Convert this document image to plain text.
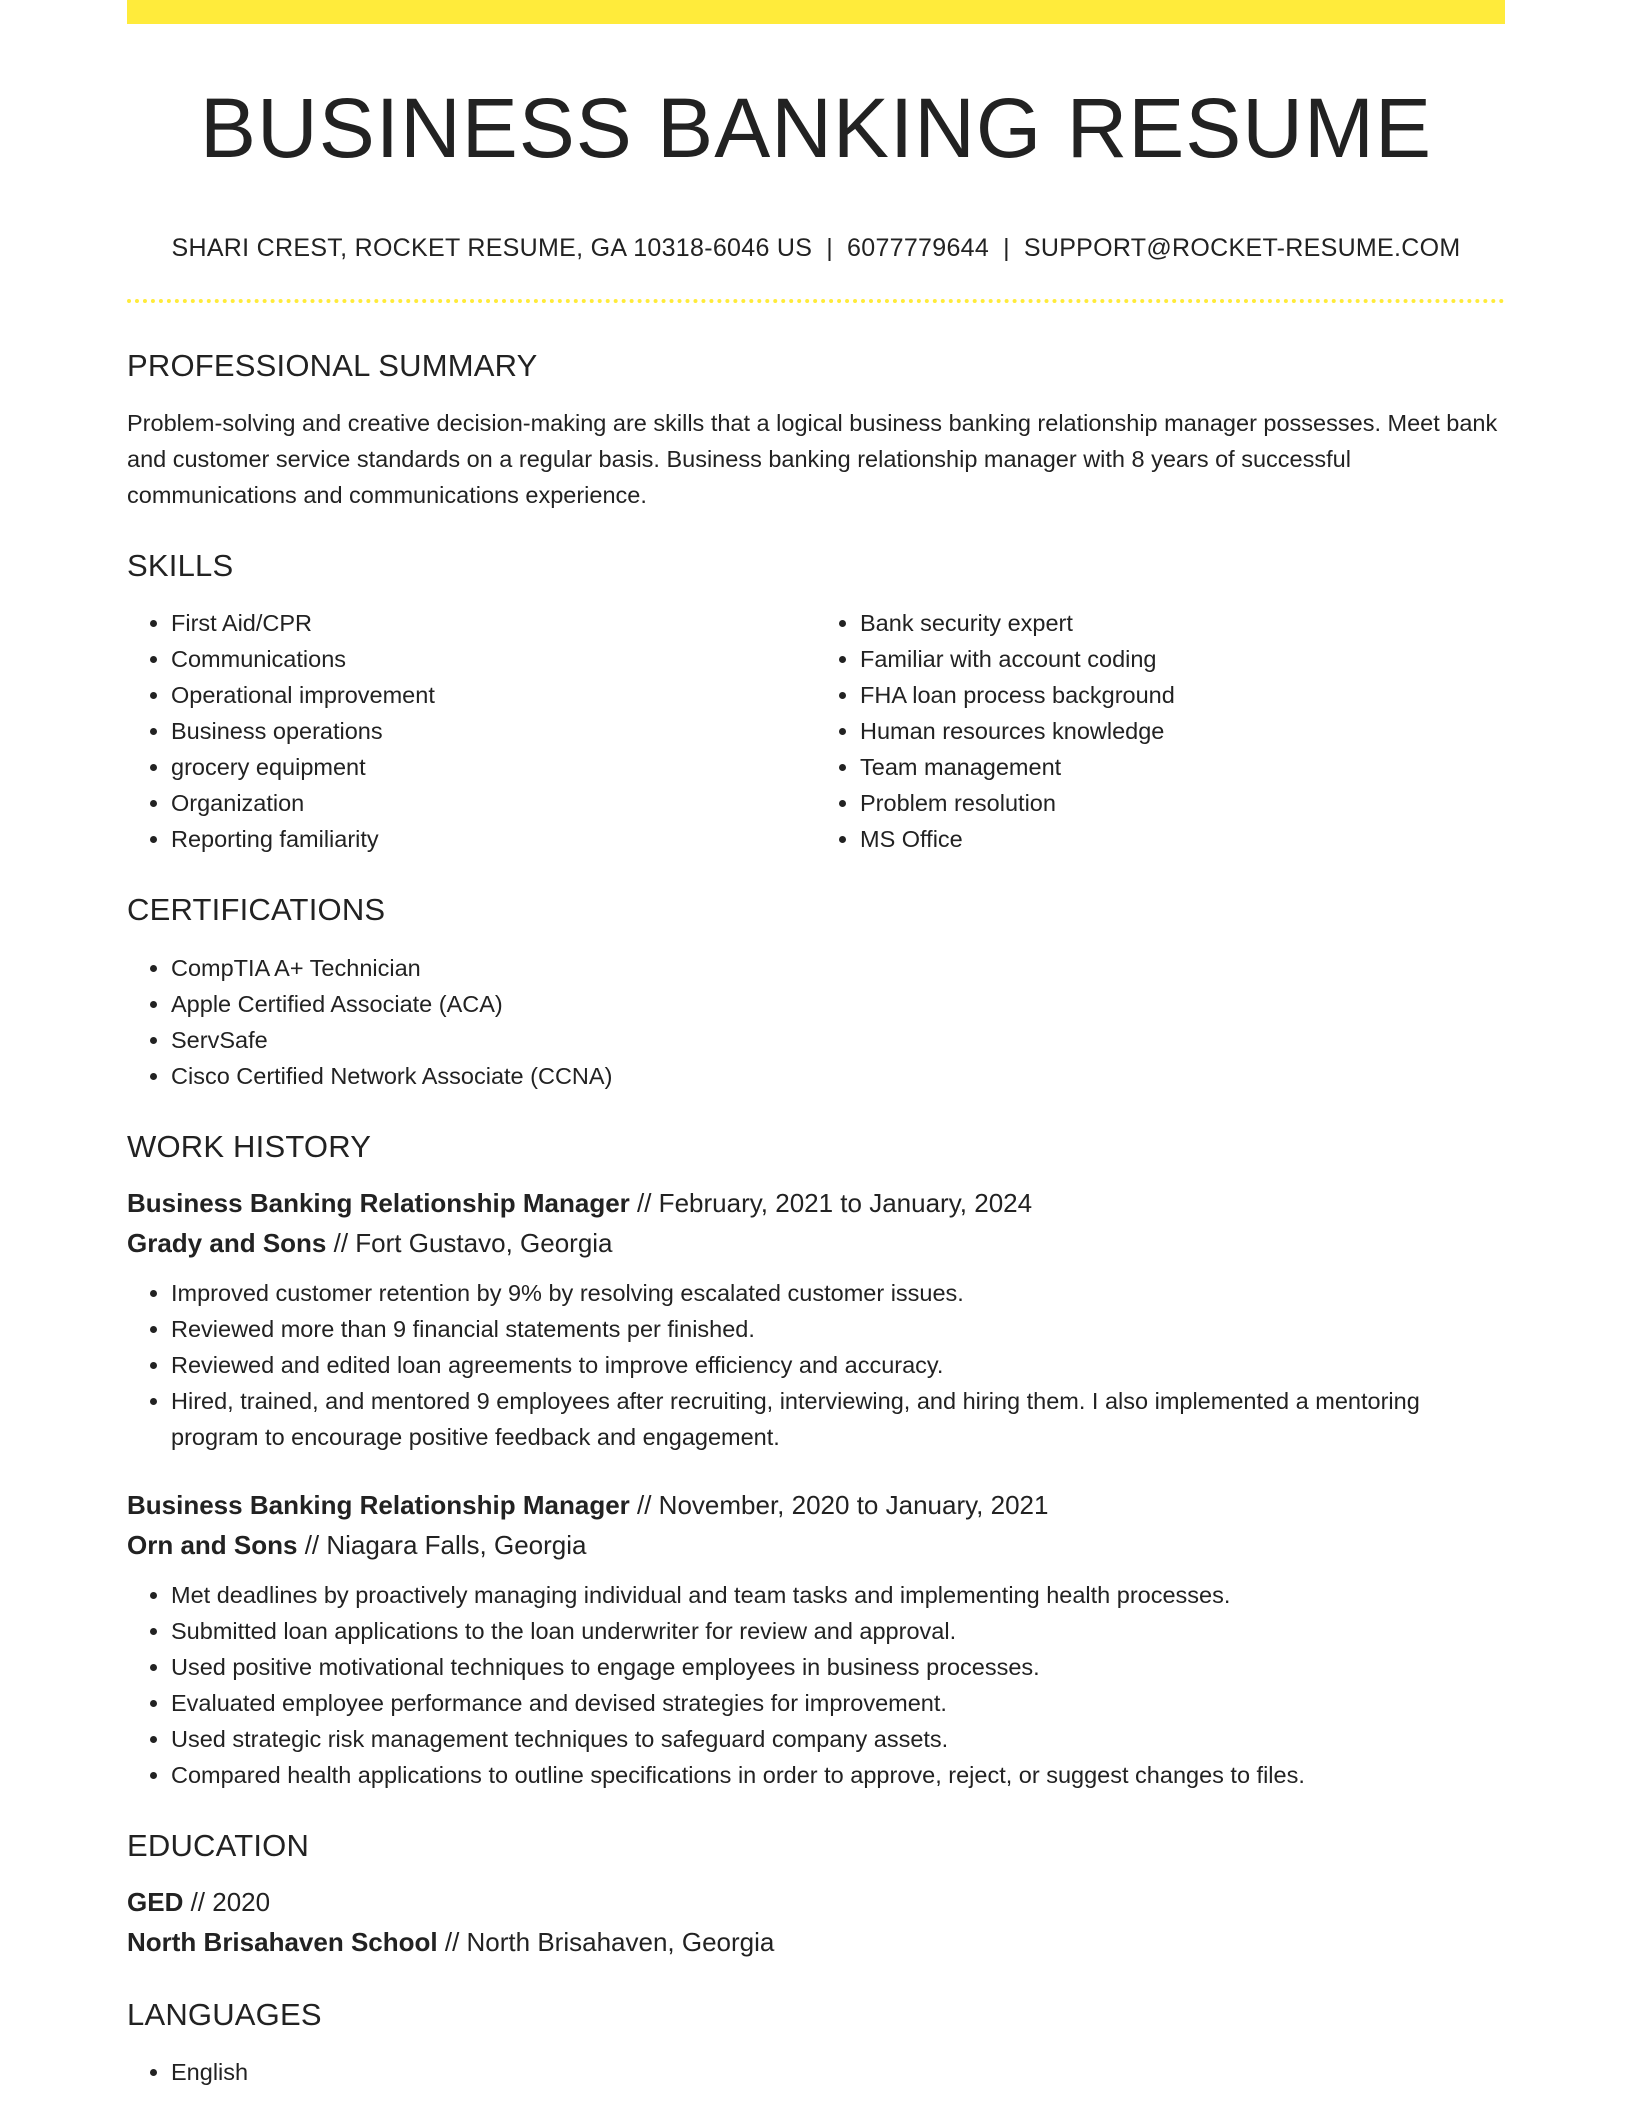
BUSINESS BANKING RESUME
SHARI CREST, ROCKET RESUME, GA 10318-6046 US | 6077779644 | SUPPORT@ROCKET-RESUME.COM
PROFESSIONAL SUMMARY
Problem-solving and creative decision-making are skills that a logical business banking relationship manager possesses. Meet bank and customer service standards on a regular basis. Business banking relationship manager with 8 years of successful communications and communications experience.
SKILLS
• First Aid/CPR
• Communications
• Operational improvement
• Business operations
• grocery equipment
• Organization
• Reporting familiarity
• Bank security expert
• Familiar with account coding
• FHA loan process background
• Human resources knowledge
• Team management
• Problem resolution
• MS Office
CERTIFICATIONS
• CompTIA A+ Technician
• Apple Certified Associate (ACA)
• ServSafe
• Cisco Certified Network Associate (CCNA)
WORK HISTORY
Business Banking Relationship Manager // February, 2021 to January, 2024
Grady and Sons // Fort Gustavo, Georgia
• Improved customer retention by 9% by resolving escalated customer issues.
• Reviewed more than 9 financial statements per finished.
• Reviewed and edited loan agreements to improve efficiency and accuracy.
• Hired, trained, and mentored 9 employees after recruiting, interviewing, and hiring them. I also implemented a mentoring program to encourage positive feedback and engagement.
Business Banking Relationship Manager // November, 2020 to January, 2021
Orn and Sons // Niagara Falls, Georgia
• Met deadlines by proactively managing individual and team tasks and implementing health processes.
• Submitted loan applications to the loan underwriter for review and approval.
• Used positive motivational techniques to engage employees in business processes.
• Evaluated employee performance and devised strategies for improvement.
• Used strategic risk management techniques to safeguard company assets.
• Compared health applications to outline specifications in order to approve, reject, or suggest changes to files.
EDUCATION
GED // 2020
North Brisahaven School // North Brisahaven, Georgia
LANGUAGES
• English
